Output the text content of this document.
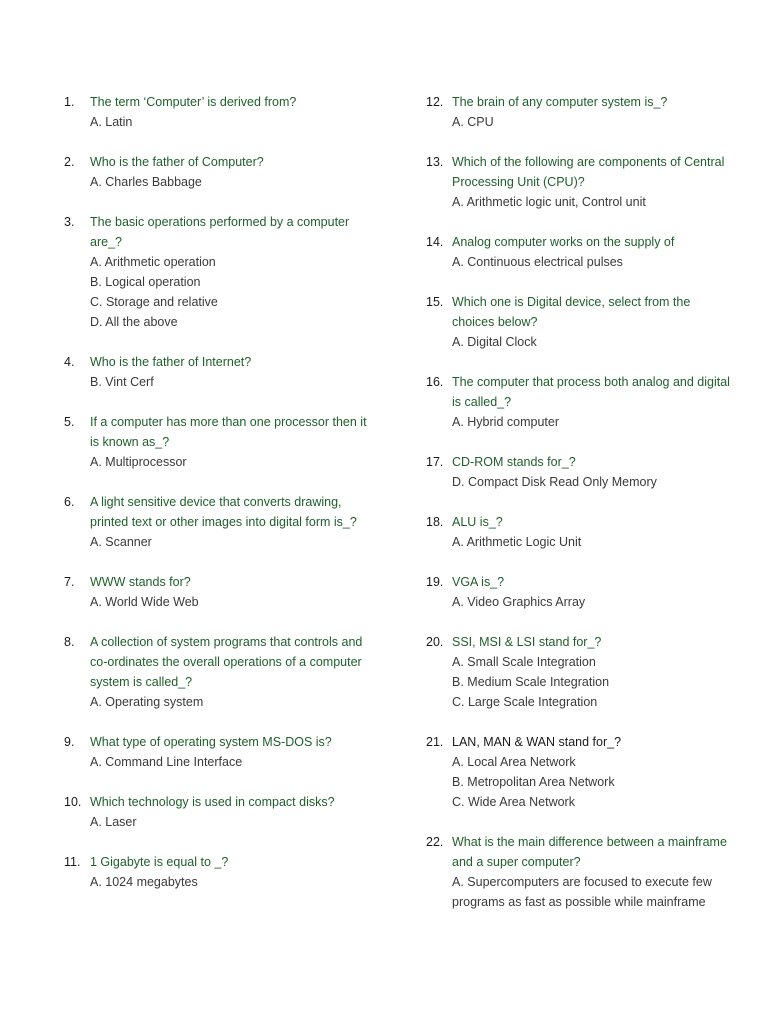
1.	The term ‘Computer’ is derived from?
A. Latin
2.	Who is the father of Computer?
A. Charles Babbage
3.	The basic operations performed by a computer are_?
A. Arithmetic operation
B. Logical operation
C. Storage and relative
D. All the above
4.	Who is the father of Internet?
B. Vint Cerf
5.	If a computer has more than one processor then it is known as_?
A. Multiprocessor
6.	A light sensitive device that converts drawing, printed text or other images into digital form is_?
A. Scanner
7.	WWW stands for?
A. World Wide Web
8.	A collection of system programs that controls and co-ordinates the overall operations of a computer system is called_?
A. Operating system
9.	What type of operating system MS-DOS is?
A. Command Line Interface
10. Which technology is used in compact disks?
A. Laser
11. 1 Gigabyte is equal to _?
A. 1024 megabytes
12. The brain of any computer system is_?
A. CPU
13. Which of the following are components of Central Processing Unit (CPU)?
A. Arithmetic logic unit, Control unit
14. Analog computer works on the supply of
A. Continuous electrical pulses
15. Which one is Digital device, select from the choices below?
A. Digital Clock
16. The computer that process both analog and digital is called_?
A. Hybrid computer
17. CD-ROM stands for_?
D. Compact Disk Read Only Memory
18. ALU is_?
A. Arithmetic Logic Unit
19. VGA is_?
A. Video Graphics Array
20. SSI, MSI & LSI stand for_?
A. Small Scale Integration
B. Medium Scale Integration
C. Large Scale Integration
21. LAN, MAN & WAN stand for_?
A. Local Area Network
B. Metropolitan Area Network
C. Wide Area Network
22. What is the main difference between a mainframe and a super computer?
A. Supercomputers are focused to execute few programs as fast as possible while mainframe
